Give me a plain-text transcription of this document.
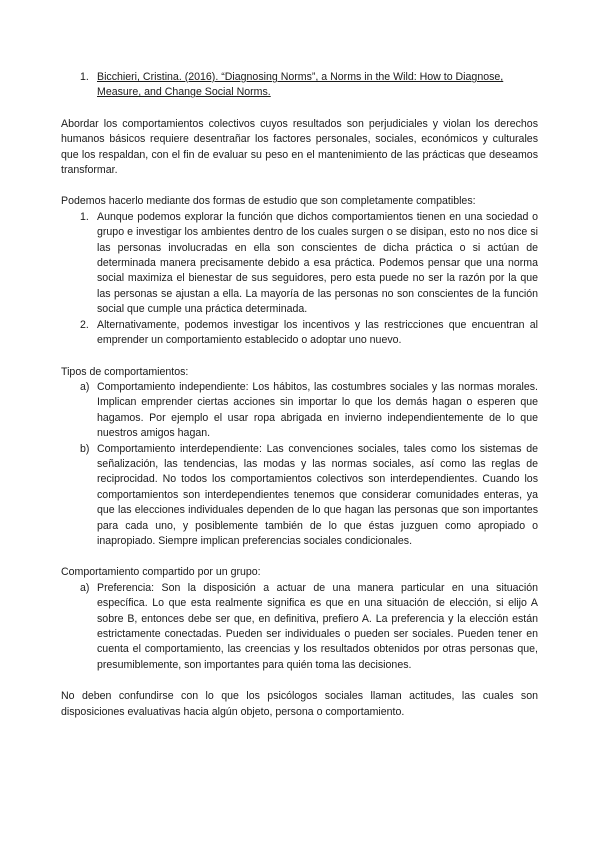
1. Bicchieri, Cristina. (2016). “Diagnosing Norms”, a Norms in the Wild: How to Diagnose, Measure, and Change Social Norms.

Abordar los comportamientos colectivos cuyos resultados son perjudiciales y violan los derechos humanos básicos requiere desentrañar los factores personales, sociales, económicos y culturales que los respaldan, con el fin de evaluar su peso en el mantenimiento de las prácticas que deseamos transformar.

Podemos hacerlo mediante dos formas de estudio que son completamente compatibles:

1. Aunque podemos explorar la función que dichos comportamientos tienen en una sociedad o grupo e investigar los ambientes dentro de los cuales surgen o se disipan, esto no nos dice si las personas involucradas en ella son conscientes de dicha práctica o si actúan de determinada manera precisamente debido a esa práctica. Podemos pensar que una norma social maximiza el bienestar de sus seguidores, pero esta puede no ser la razón por la que las personas se ajustan a ella. La mayoría de las personas no son conscientes de la función social que cumple una práctica determinada.
2. Alternativamente, podemos investigar los incentivos y las restricciones que encuentran al emprender un comportamiento establecido o adoptar uno nuevo.

Tipos de comportamientos:

a) Comportamiento independiente: Los hábitos, las costumbres sociales y las normas morales. Implican emprender ciertas acciones sin importar lo que los demás hagan o esperen que hagamos. Por ejemplo el usar ropa abrigada en invierno independientemente de lo que nuestros amigos hagan.
b) Comportamiento interdependiente: Las convenciones sociales, tales como los sistemas de señalización, las tendencias, las modas y las normas sociales, así como las reglas de reciprocidad. No todos los comportamientos colectivos son interdependientes. Cuando los comportamientos son interdependientes tenemos que considerar comunidades enteras, ya que las elecciones individuales dependen de lo que hagan las personas que son importantes para cada uno, y posiblemente también de lo que éstas juzguen como apropiado o inapropiado. Siempre implican preferencias sociales condicionales.

Comportamiento compartido por un grupo:

a) Preferencia: Son la disposición a actuar de una manera particular en una situación específica. Lo que esta realmente significa es que en una situación de elección, si elijo A sobre B, entonces debe ser que, en definitiva, prefiero A. La preferencia y la elección están estrictamente conectadas. Pueden ser individuales o pueden ser sociales. Pueden tener en cuenta el comportamiento, las creencias y los resultados obtenidos por otras personas que, presumiblemente, son importantes para quién toma las decisiones.

No deben confundirse con lo que los psicólogos sociales llaman actitudes, las cuales son disposiciones evaluativas hacia algún objeto, persona o comportamiento.
